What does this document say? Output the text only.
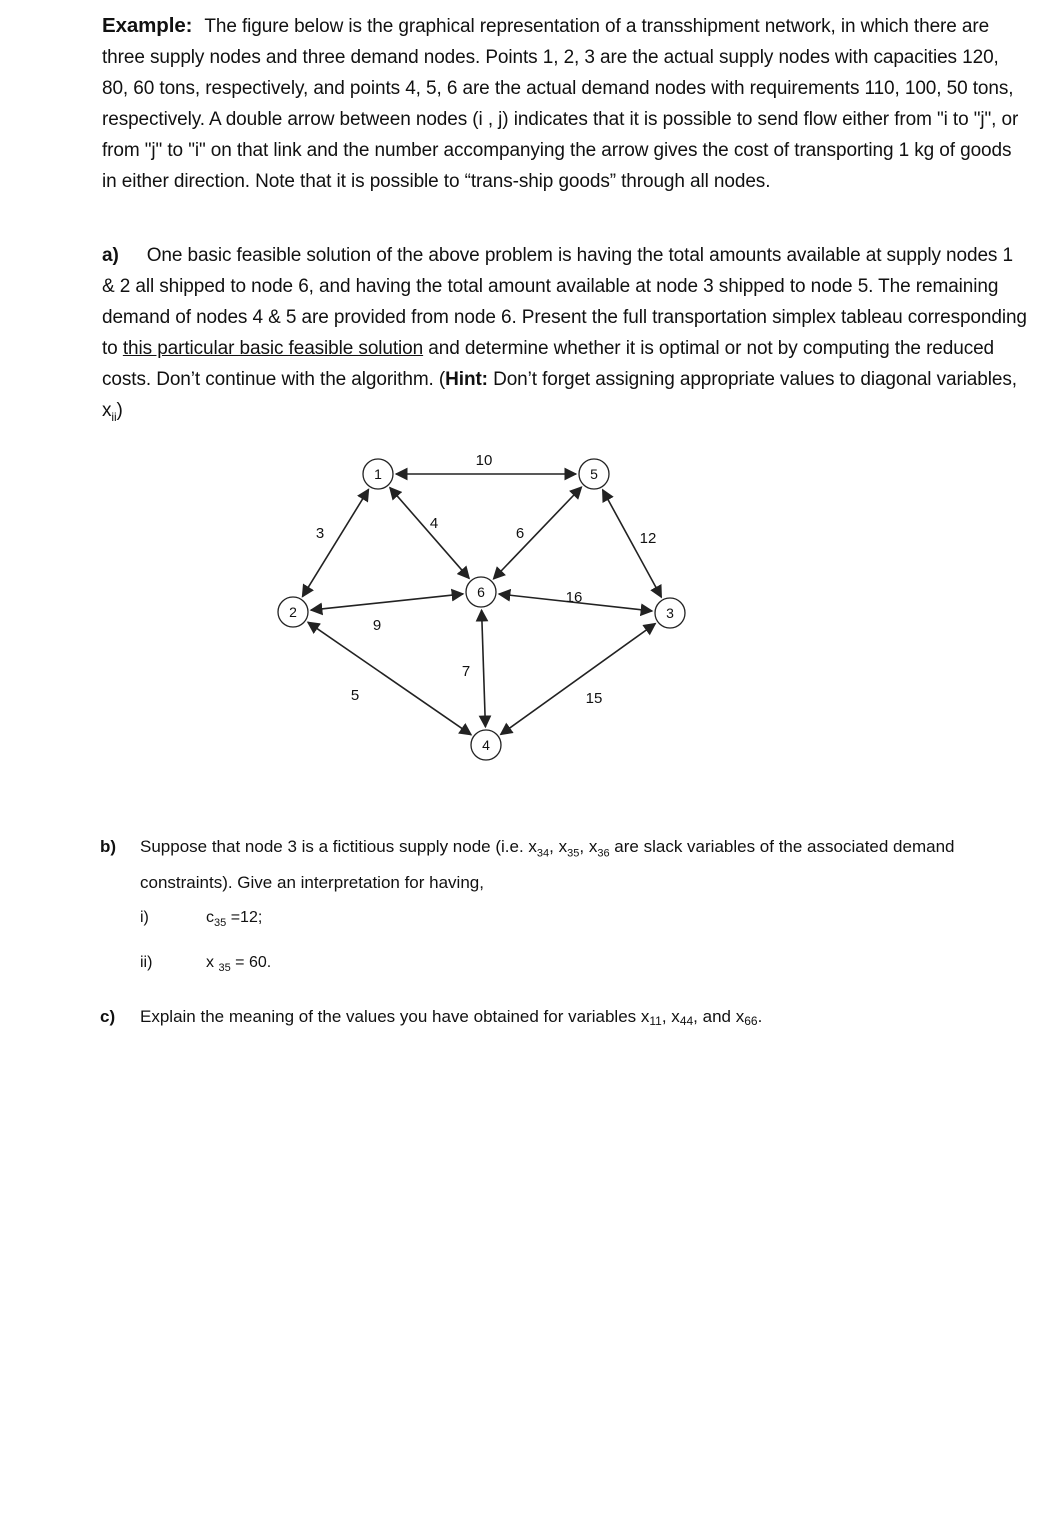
Example: The figure below is the graphical representation of a transshipment network, in which there are three supply nodes and three demand nodes. Points 1, 2, 3 are the actual supply nodes with capacities 120, 80, 60 tons, respectively, and points 4, 5, 6 are the actual demand nodes with requirements 110, 100, 50 tons, respectively. A double arrow between nodes (i , j) indicates that it is possible to send flow either from "i to "j", or from "j" to "i" on that link and the number accompanying the arrow gives the cost of transporting 1 kg of goods in either direction. Note that it is possible to “trans-ship goods” through all nodes.
a) One basic feasible solution of the above problem is having the total amounts available at supply nodes 1 & 2 all shipped to node 6, and having the total amount available at node 3 shipped to node 5. The remaining demand of nodes 4 & 5 are provided from node 6. Present the full transportation simplex tableau corresponding to this particular basic feasible solution and determine whether it is optimal or not by computing the reduced costs. Don’t continue with the algorithm. (Hint: Don’t forget assigning appropriate values to diagonal variables, $x_{ii}$)
10
3
4
6	12
9
16
7
5	15
1
2	3
4
5
6
b) Suppose that node 3 is a fictitious supply node (i.e. $x_{34}$, $x_{35}$, $x_{36}$ are slack variables of the associated demand constraints). Give an interpretation for having,
i)	$c_{35} =12$;
ii)	x $_{35}$ = 60.
c) Explain the meaning of the values you have obtained for variables $x_{11}$, $x_{44}$, and $x_{66}$.
